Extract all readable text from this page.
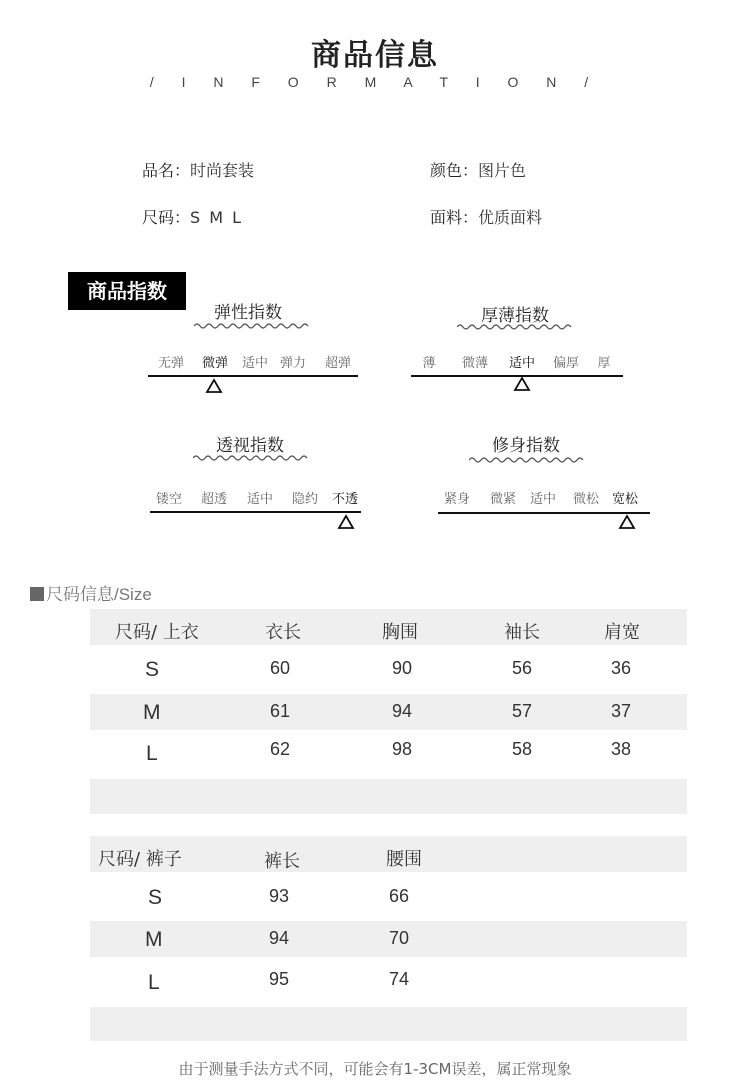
商品信息
/ I N F O R M A T I O N /
品名：时尚套装	颜色：图片色
尺码：S M L	面料：优质面料
商品指数
弹性指数
无弹	微弹	适中 弹力	超弹
厚薄指数
薄	微薄	适中	偏厚	厚
透视指数
镂空	超透	适中	隐约	不透
修身指数
紧身	微紧	适中	微松 宽松
尺码信息/Size
尺码/ 上衣	衣长	胸围	袖长	肩宽
S	60	90	56	36
M	61	94	57	37
L	62	98	58	38
尺码/ 裤子	裤长	腰围
S	93	66
M	94	70
L	95	74
由于测量手法方式不同，可能会有1-3CM误差，属正常现象
